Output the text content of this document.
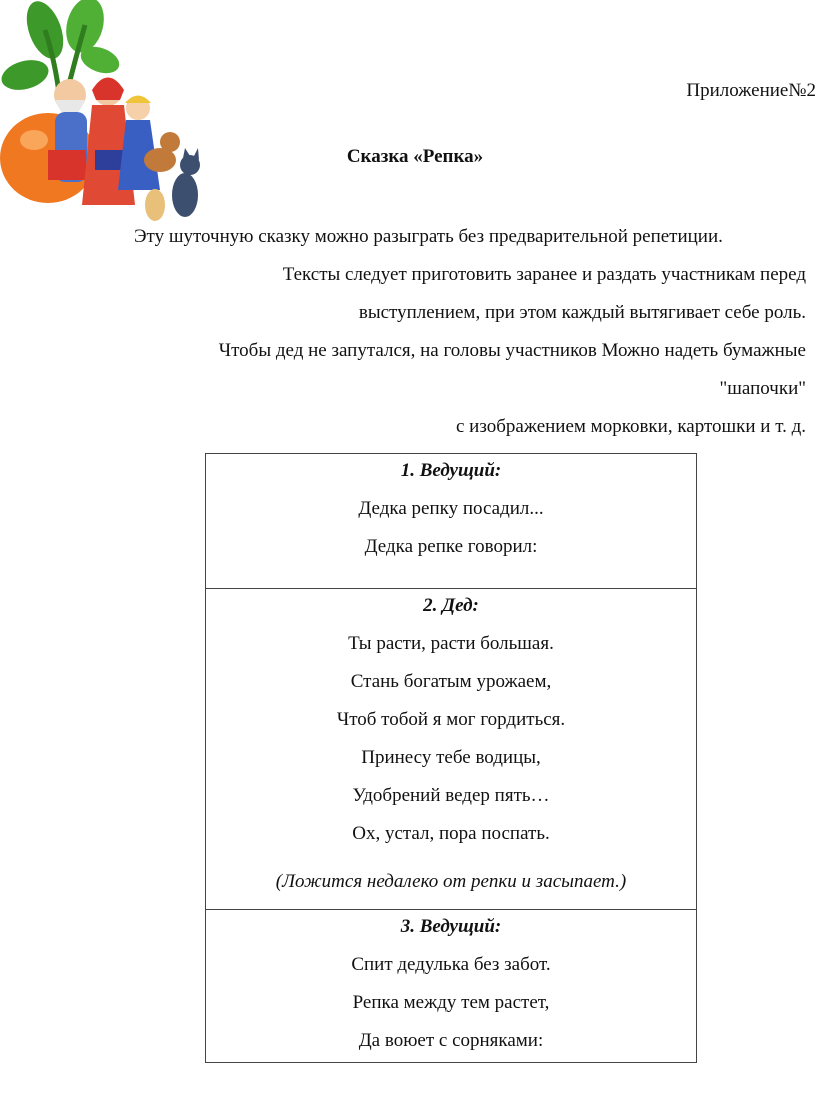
Приложение№2
Сказка «Репка»

Эту шуточную сказку можно разыграть без предварительной репетиции.

Тексты следует приготовить заранее и раздать участникам перед

выступлением, при этом каждый вытягивает себе роль.

Чтобы дед не запутался, на головы участников Можно надеть бумажные

"шапочки"

с изображением морковки, картошки и т. д.

1. Ведущий:

Дедка репку посадил...

Дедка репке говорил:

2. Дед:

Ты расти, расти большая.

Стань богатым урожаем,

Чтоб тобой я мог гордиться.

Принесу тебе водицы,

Удобрений ведер пять…

Ох, устал, пора поспать.

(Ложится недалеко от репки и засыпает.)

3. Ведущий:

Спит дедулька без забот.

Репка между тем растет,

Да воюет с сорняками:
